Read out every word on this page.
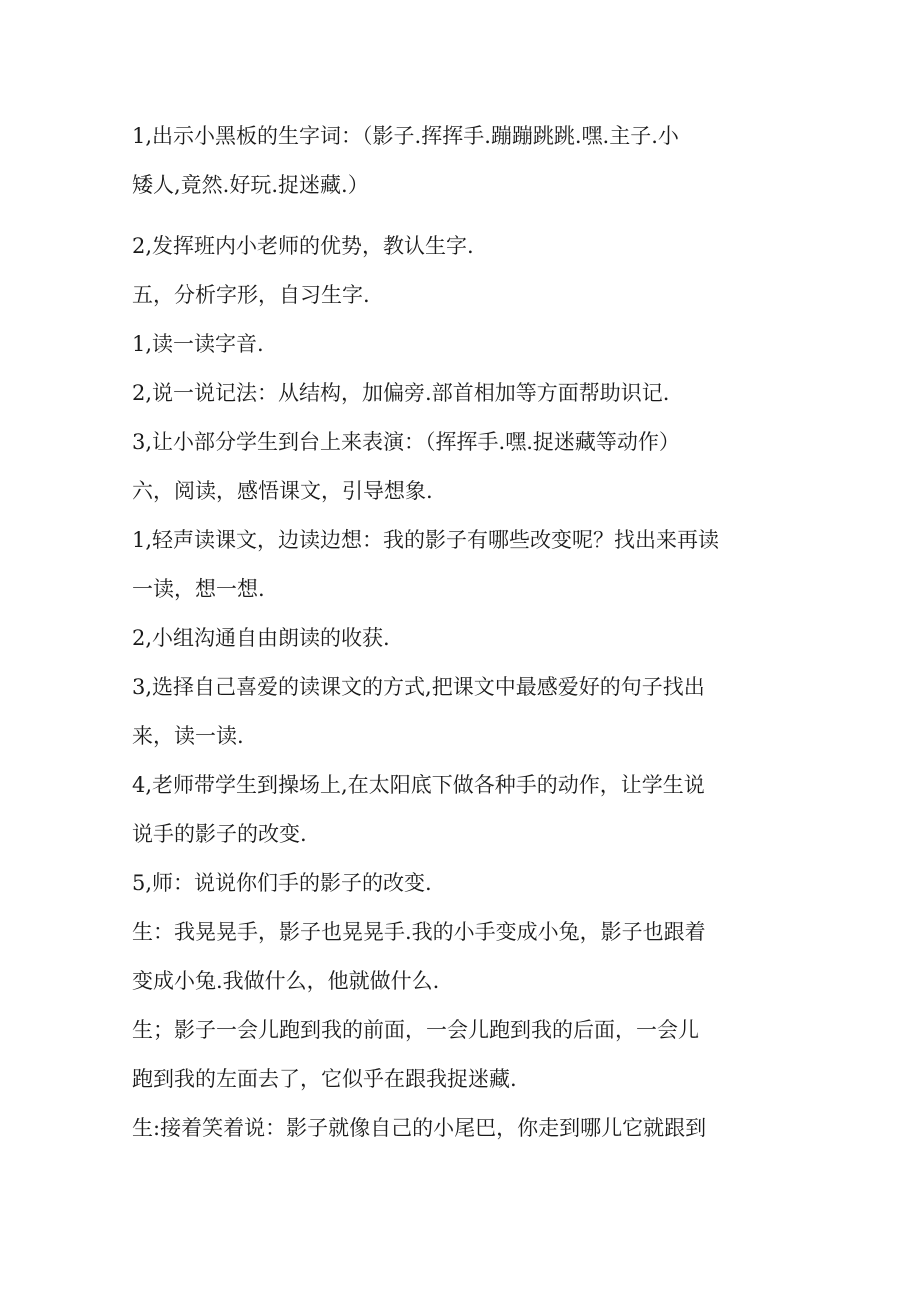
1,出示小黑板的生字词：（影子.挥挥手.蹦蹦跳跳.嘿.主子.小

矮人,竟然.好玩.捉迷藏.）

2,发挥班内小老师的优势，教认生字.

五，分析字形，自习生字.

1,读一读字音.

2,说一说记法：从结构，加偏旁.部首相加等方面帮助识记.

3,让小部分学生到台上来表演：（挥挥手.嘿.捉迷藏等动作）

六，阅读，感悟课文，引导想象.

1,轻声读课文，边读边想：我的影子有哪些改变呢？找出来再读

一读，想一想.

2,小组沟通自由朗读的收获.

3,选择自己喜爱的读课文的方式,把课文中最感爱好的句子找出

来，读一读.

4,老师带学生到操场上,在太阳底下做各种手的动作，让学生说

说手的影子的改变.

5,师：说说你们手的影子的改变.

生：我晃晃手，影子也晃晃手.我的小手变成小兔，影子也跟着

变成小兔.我做什么，他就做什么.

生；影子一会儿跑到我的前面，一会儿跑到我的后面，一会儿

跑到我的左面去了，它似乎在跟我捉迷藏.

生:接着笑着说：影子就像自己的小尾巴，你走到哪儿它就跟到
